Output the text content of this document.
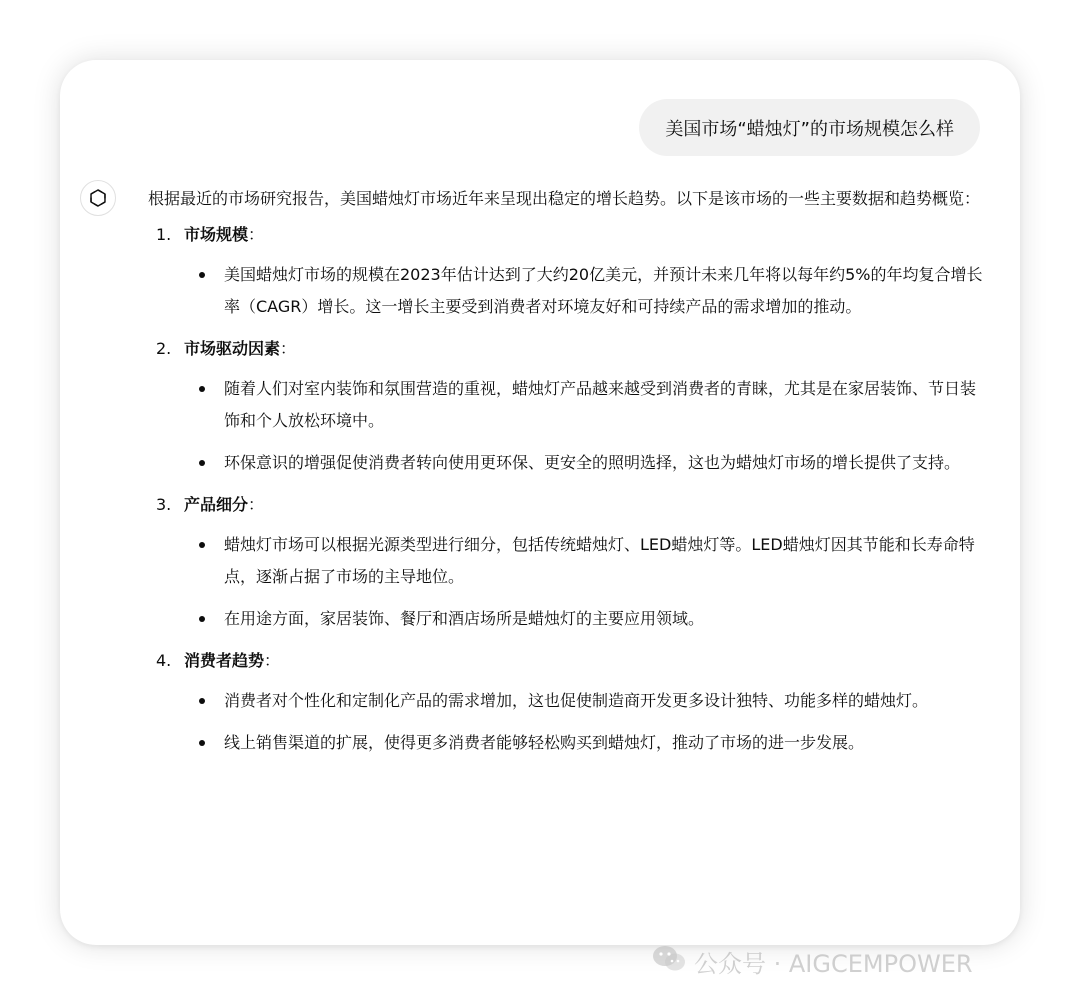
美国市场“蜡烛灯”的市场规模怎么样

根据最近的市场研究报告，美国蜡烛灯市场近年来呈现出稳定的增长趋势。以下是该市场的一些主要数据和趋势概览：

1. 市场规模 ：
美国蜡烛灯市场的规模在2023年估计达到了大约20亿美元，并预计未来几年将以每年约5%的年均复合增长率（CAGR）增长。这一增长主要受到消费者对环境友好和可持续产品的需求增加的推动。
2. 市场驱动因素 ：
随着人们对室内装饰和氛围营造的重视，蜡烛灯产品越来越受到消费者的青睐，尤其是在家居装饰、节日装饰和个人放松环境中。
环保意识的增强促使消费者转向使用更环保、更安全的照明选择，这也为蜡烛灯市场的增长提供了支持。
3. 产品细分 ：
蜡烛灯市场可以根据光源类型进行细分，包括传统蜡烛灯、LED蜡烛灯等。LED蜡烛灯因其节能和长寿命特点，逐渐占据了市场的主导地位。
在用途方面，家居装饰、餐厅和酒店场所是蜡烛灯的主要应用领域。
4. 消费者趋势 ：
消费者对个性化和定制化产品的需求增加，这也促使制造商开发更多设计独特、功能多样的蜡烛灯。
线上销售渠道的扩展，使得更多消费者能够轻松购买到蜡烛灯，推动了市场的进一步发展。
公众号 · AIGCEMPOWER
